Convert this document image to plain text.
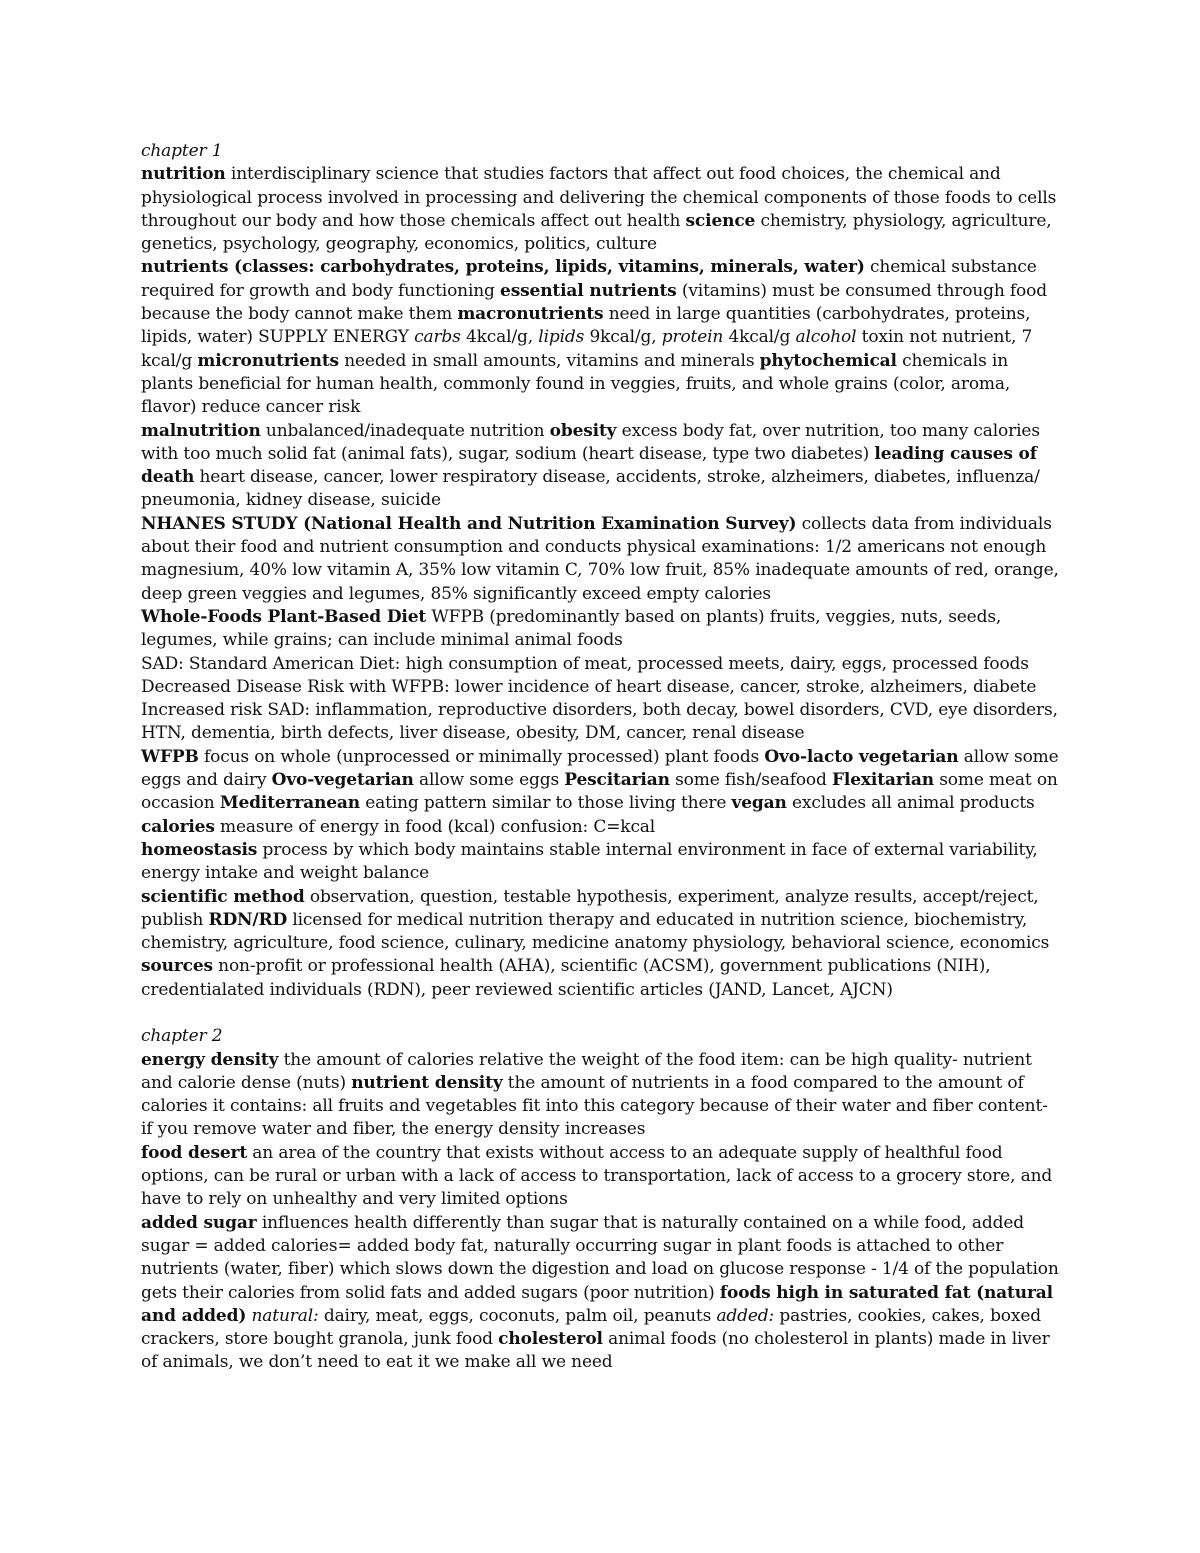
chapter 1

nutrition interdisciplinary science that studies factors that affect out food choices, the chemical and physiological process involved in processing and delivering the chemical components of those foods to cells throughout our body and how those chemicals affect out health science chemistry, physiology, agriculture, genetics, psychology, geography, economics, politics, culture

nutrients (classes: carbohydrates, proteins, lipids, vitamins, minerals, water) chemical substance required for growth and body functioning essential nutrients (vitamins) must be consumed through food because the body cannot make them macronutrients need in large quantities (carbohydrates, proteins, lipids, water) SUPPLY ENERGY carbs 4kcal/g, lipids 9kcal/g, protein 4kcal/g alcohol toxin not nutrient, 7 kcal/g micronutrients needed in small amounts, vitamins and minerals phytochemical chemicals in plants beneficial for human health, commonly found in veggies, fruits, and whole grains (color, aroma, flavor) reduce cancer risk

malnutrition unbalanced/inadequate nutrition obesity excess body fat, over nutrition, too many calories with too much solid fat (animal fats), sugar, sodium (heart disease, type two diabetes) leading causes of death heart disease, cancer, lower respiratory disease, accidents, stroke, alzheimers, diabetes, influenza/ pneumonia, kidney disease, suicide

NHANES STUDY (National Health and Nutrition Examination Survey) collects data from individuals about their food and nutrient consumption and conducts physical examinations: 1/2 americans not enough magnesium, 40% low vitamin A, 35% low vitamin C, 70% low fruit, 85% inadequate amounts of red, orange, deep green veggies and legumes, 85% significantly exceed empty calories

Whole-Foods Plant-Based Diet WFPB (predominantly based on plants) fruits, veggies, nuts, seeds, legumes, while grains; can include minimal animal foods

SAD: Standard American Diet: high consumption of meat, processed meets, dairy, eggs, processed foods

Decreased Disease Risk with WFPB: lower incidence of heart disease, cancer, stroke, alzheimers, diabete

Increased risk SAD: inflammation, reproductive disorders, both decay, bowel disorders, CVD, eye disorders, HTN, dementia, birth defects, liver disease, obesity, DM, cancer, renal disease

WFPB focus on whole (unprocessed or minimally processed) plant foods Ovo-lacto vegetarian allow some eggs and dairy Ovo-vegetarian allow some eggs Pescitarian some fish/seafood Flexitarian some meat on occasion Mediterranean eating pattern similar to those living there vegan excludes all animal products

calories measure of energy in food (kcal) confusion: C=kcal

homeostasis process by which body maintains stable internal environment in face of external variability, energy intake and weight balance

scientific method observation, question, testable hypothesis, experiment, analyze results, accept/reject, publish RDN/RD licensed for medical nutrition therapy and educated in nutrition science, biochemistry, chemistry, agriculture, food science, culinary, medicine anatomy physiology, behavioral science, economics sources non-profit or professional health (AHA), scientific (ACSM), government publications (NIH), credentialated individuals (RDN), peer reviewed scientific articles (JAND, Lancet, AJCN)

chapter 2

energy density the amount of calories relative the weight of the food item: can be high quality- nutrient and calorie dense (nuts) nutrient density the amount of nutrients in a food compared to the amount of calories it contains: all fruits and vegetables fit into this category because of their water and fiber content- if you remove water and fiber, the energy density increases

food desert an area of the country that exists without access to an adequate supply of healthful food options, can be rural or urban with a lack of access to transportation, lack of access to a grocery store, and have to rely on unhealthy and very limited options

added sugar influences health differently than sugar that is naturally contained on a while food, added sugar = added calories= added body fat, naturally occurring sugar in plant foods is attached to other nutrients (water, fiber) which slows down the digestion and load on glucose response - 1/4 of the population gets their calories from solid fats and added sugars (poor nutrition) foods high in saturated fat (natural and added) natural: dairy, meat, eggs, coconuts, palm oil, peanuts added: pastries, cookies, cakes, boxed crackers, store bought granola, junk food cholesterol animal foods (no cholesterol in plants) made in liver of animals, we don’t need to eat it we make all we need
